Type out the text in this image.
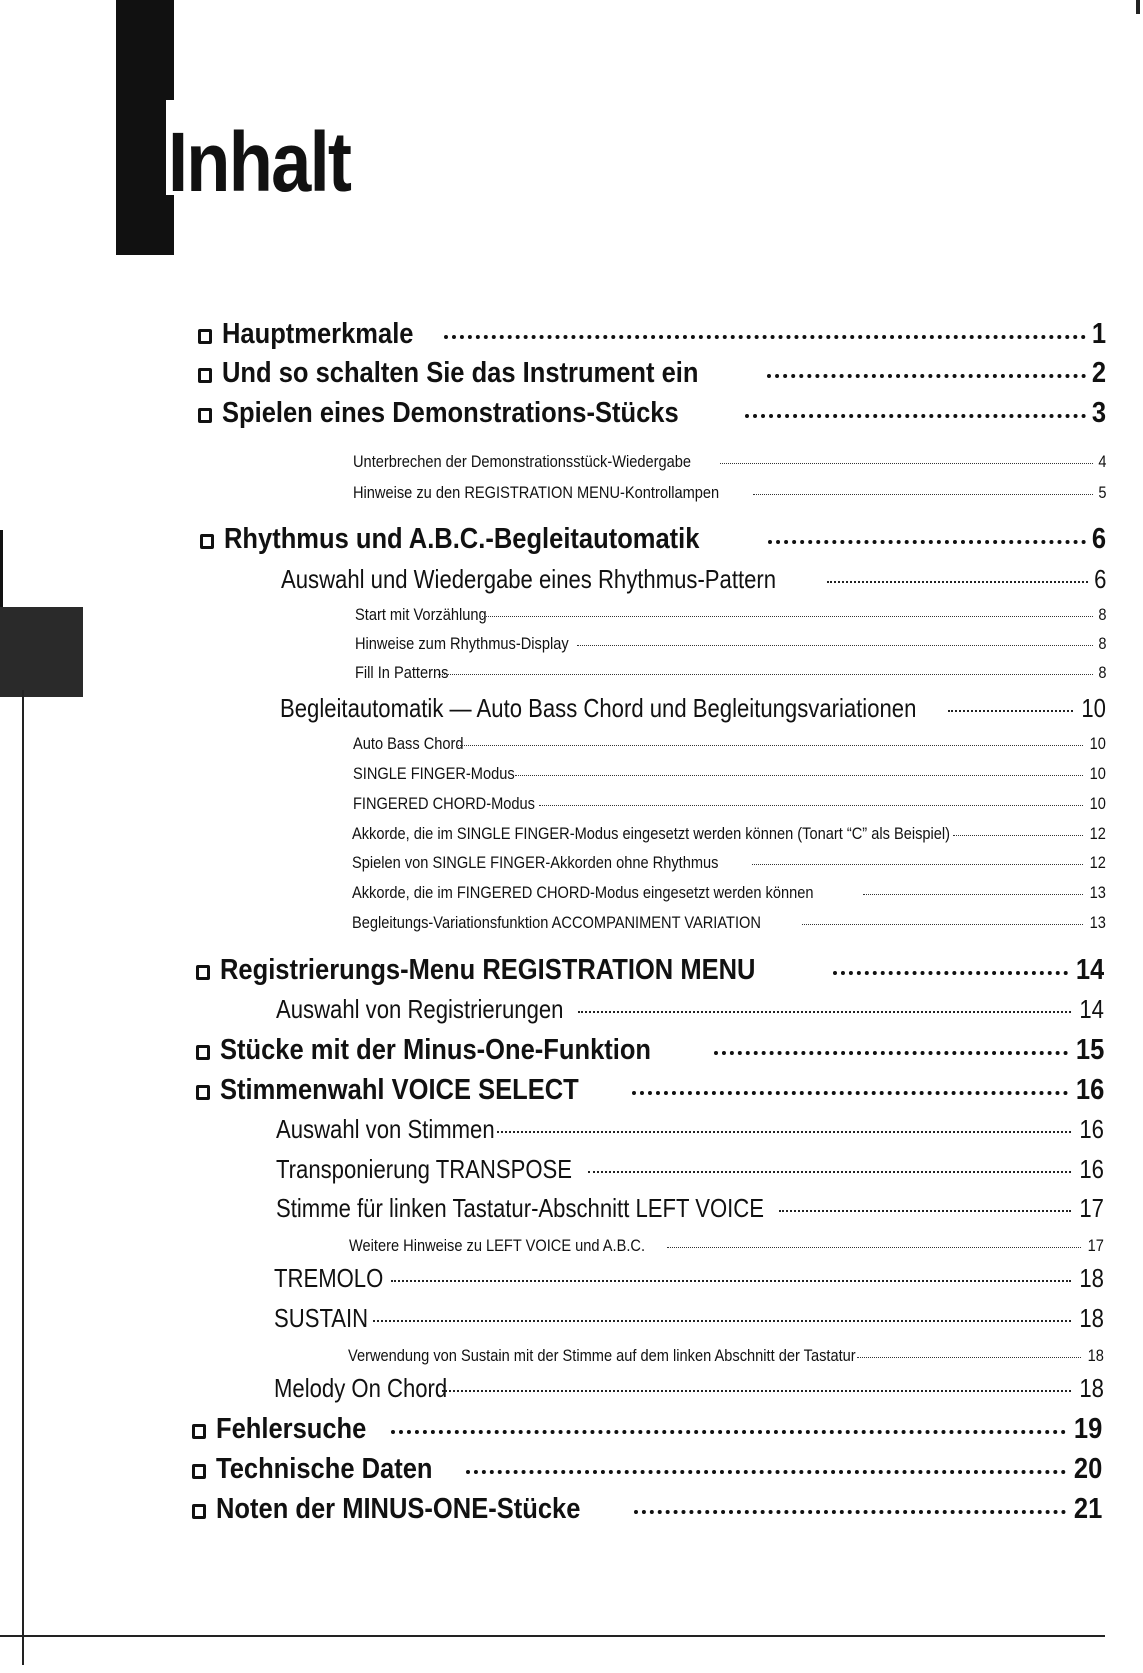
Inhalt
Hauptmerkmale	1
Und so schalten Sie das Instrument ein	2
Spielen eines Demonstrations-Stücks	3
Unterbrechen der Demonstrationsstück-Wiedergabe	4
Hinweise zu den REGISTRATION MENU-Kontrollampen	5
Rhythmus und A.B.C.-Begleitautomatik	6
Auswahl und Wiedergabe eines Rhythmus-Pattern	6
Start mit Vorzählung	8
Hinweise zum Rhythmus-Display	8
Fill In Patterns	8
Begleitautomatik — Auto Bass Chord und Begleitungsvariationen	10
Auto Bass Chord	10
SINGLE FINGER-Modus	10
FINGERED CHORD-Modus	10
Akkorde, die im SINGLE FINGER-Modus eingesetzt werden können (Tonart “C” als Beispiel)	12
Spielen von SINGLE FINGER-Akkorden ohne Rhythmus	12
Akkorde, die im FINGERED CHORD-Modus eingesetzt werden können	13
Begleitungs-Variationsfunktion ACCOMPANIMENT VARIATION	13
Registrierungs-Menu REGISTRATION MENU	14
Auswahl von Registrierungen	14
Stücke mit der Minus-One-Funktion	15
Stimmenwahl VOICE SELECT	16
Auswahl von Stimmen	16
Transponierung TRANSPOSE	16
Stimme für linken Tastatur-Abschnitt LEFT VOICE	17
Weitere Hinweise zu LEFT VOICE und A.B.C.	17
TREMOLO	18
SUSTAIN	18
Verwendung von Sustain mit der Stimme auf dem linken Abschnitt der Tastatur	18
Melody On Chord	18
Fehlersuche	19
Technische Daten	20
Noten der MINUS-ONE-Stücke	21
